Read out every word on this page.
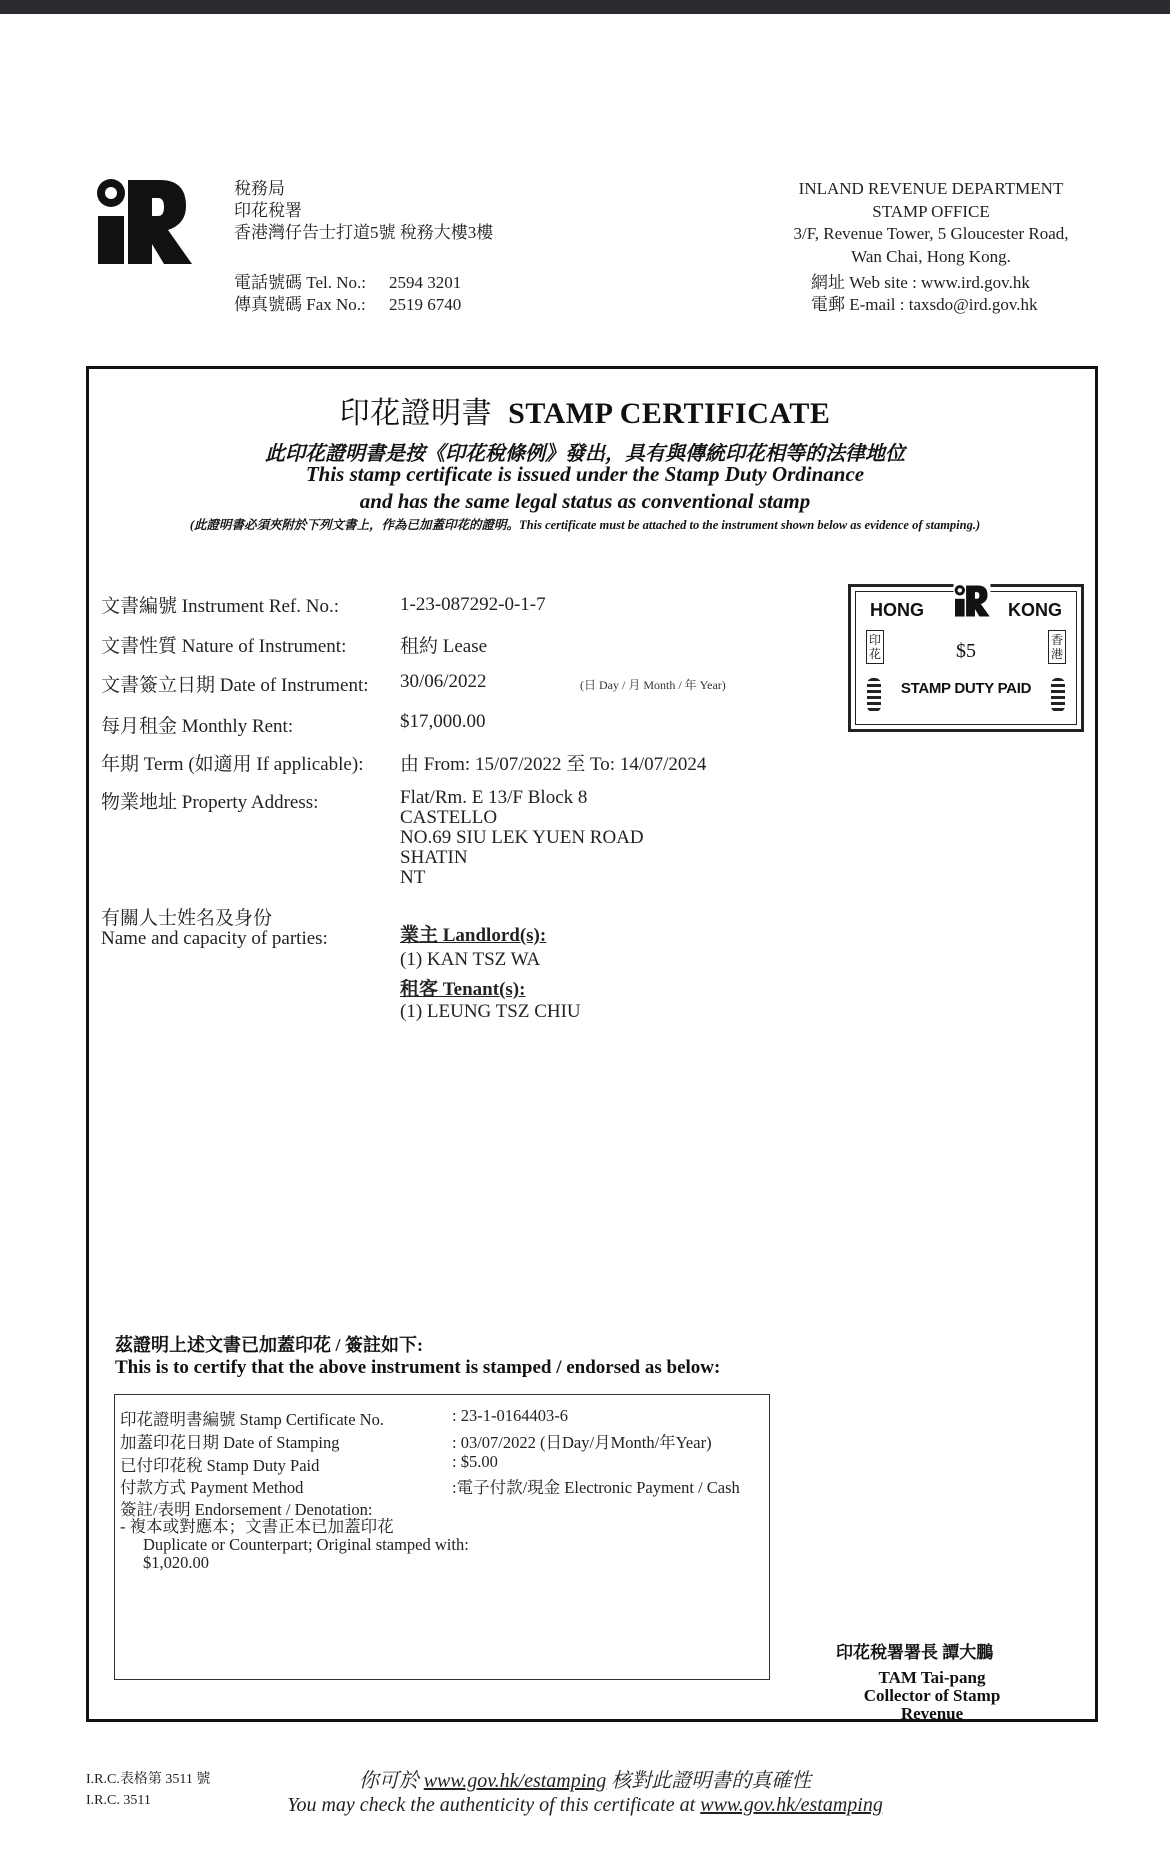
稅務局
印花稅署
香港灣仔告士打道5號 稅務大樓3樓
INLAND REVENUE DEPARTMENT
STAMP OFFICE
3/F, Revenue Tower, 5 Gloucester Road,
Wan Chai, Hong Kong.
電話號碼 Tel. No.: 2594 3201
傳真號碼 Fax No.: 2519 6740
網址 Web site : www.ird.gov.hk
電郵 E-mail : taxsdo@ird.gov.hk
印花證明書 STAMP CERTIFICATE
此印花證明書是按《印花稅條例》發出，具有與傳統印花相等的法律地位
This stamp certificate is issued under the Stamp Duty Ordinance
and has the same legal status as conventional stamp
(此證明書必須夾附於下列文書上，作為已加蓋印花的證明。This certificate must be attached to the instrument shown below as evidence of stamping.)
文書編號 Instrument Ref. No.:	1-23-087292-0-1-7
文書性質 Nature of Instrument:	租約 Lease
文書簽立日期 Date of Instrument: 30/06/2022	(日 Day / 月 Month / 年 Year)
每月租金 Monthly Rent:	$17,000.00
年期 Term (如適用 If applicable): 由 From: 15/07/2022 至 To: 14/07/2024
物業地址 Property Address:	Flat/Rm. E 13/F Block 8
CASTELLO
NO.69 SIU LEK YUEN ROAD
SHATIN
NT
有關人士姓名及身份
Name and capacity of parties:	業主 Landlord(s):
(1) KAN TSZ WA
租客 Tenant(s):
(1) LEUNG TSZ CHIU
HONG	KONG
印花
香港
$5
STAMP DUTY PAID
茲證明上述文書已加蓋印花 / 簽註如下:
This is to certify that the above instrument is stamped / endorsed as below:
印花證明書編號 Stamp Certificate No.	: 23-1-0164403-6
加蓋印花日期 Date of Stamping	: 03/07/2022 (日Day/月Month/年Year)
已付印花稅 Stamp Duty Paid	: $5.00
付款方式 Payment Method	:電子付款/現金 Electronic Payment / Cash
簽註/表明 Endorsement / Denotation:
- 複本或對應本；文書正本已加蓋印花
Duplicate or Counterpart; Original stamped with:
$1,020.00
印花稅署署長 譚大鵬
TAM Tai-pang
Collector of Stamp Revenue
I.R.C.表格第 3511 號
I.R.C. 3511
你可於 www.gov.hk/estamping 核對此證明書的真確性
You may check the authenticity of this certificate at www.gov.hk/estamping
